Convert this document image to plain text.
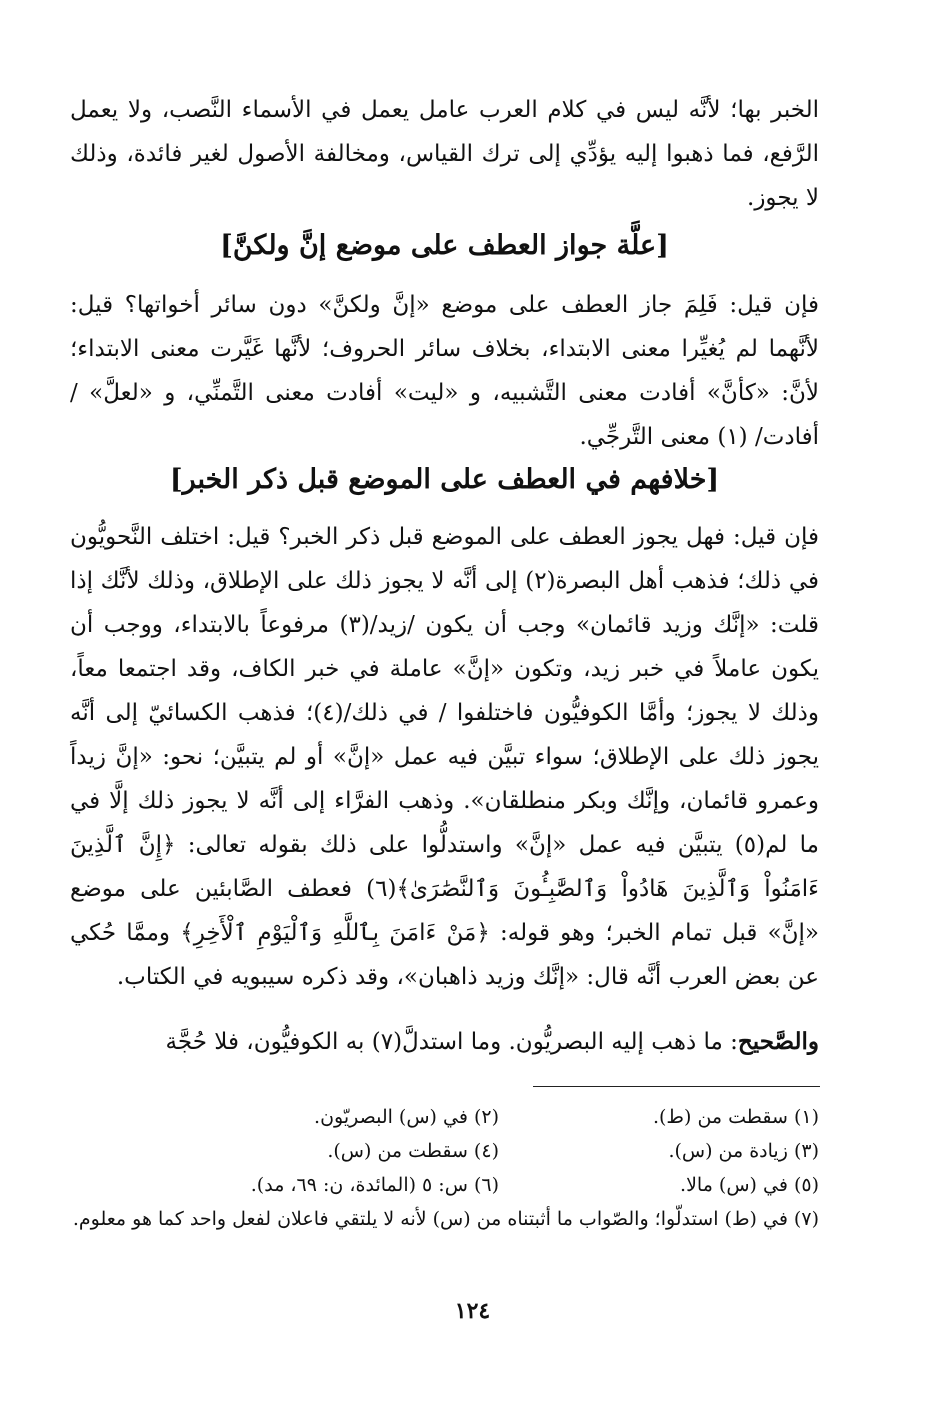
الخبر بها؛ لأنَّه ليس في كلام العرب عامل يعمل في الأسماء النَّصب، ولا يعمل الرَّفع، فما ذهبوا إليه يؤدِّي إلى ترك القياس، ومخالفة الأصول لغير فائدة، وذلك لا يجوز.
[علَّة جواز العطف على موضع إنَّ ولكنَّ]
فإن قيل: فَلِمَ جاز العطف على موضع «إنَّ ولكنَّ» دون سائر أخواتها؟ قيل: لأنَّهما لم يُغيِّرا معنى الابتداء، بخلاف سائر الحروف؛ لأنَّها غَيَّرت معنى الابتداء؛ لأنَّ: «كأنَّ» أفادت معنى التَّشبيه، و «ليت» أفادت معنى التَّمنِّي، و «لعلَّ» / أفادت/ (١) معنى التَّرجِّي.
[خلافهم في العطف على الموضع قبل ذكر الخبر]
فإن قيل: فهل يجوز العطف على الموضع قبل ذكر الخبر؟ قيل: اختلف النَّحويُّون في ذلك؛ فذهب أهل البصرة(٢) إلى أنَّه لا يجوز ذلك على الإطلاق، وذلك لأنَّك إذا قلت: «إنَّك وزيد قائمان» وجب أن يكون /زيد/(٣) مرفوعاً بالابتداء، ووجب أن يكون عاملاً في خبر زيد، وتكون «إنَّ» عاملة في خبر الكاف، وقد اجتمعا معاً، وذلك لا يجوز؛ وأمَّا الكوفيُّون فاختلفوا / في ذلك/(٤)؛ فذهب الكسائيّ إلى أنَّه يجوز ذلك على الإطلاق؛ سواء تبيَّن فيه عمل «إنَّ» أو لم يتبيَّن؛ نحو: «إنَّ زيداً وعمرو قائمان، وإنَّك وبكر منطلقان». وذهب الفرَّاء إلى أنَّه لا يجوز ذلك إلَّا في ما لم(٥) يتبيَّن فيه عمل «إنَّ» واستدلُّوا على ذلك بقوله تعالى: ﴿إِنَّ ٱلَّذِينَ ءَامَنُواْ وَٱلَّذِينَ هَادُواْ وَٱلصَّٰبِـُٔونَ وَٱلنَّصَٰرَىٰ﴾(٦) فعطف الصَّابئين على موضع «إنَّ» قبل تمام الخبر؛ وهو قوله: ﴿مَنْ ءَامَنَ بِٱللَّهِ وَٱلْيَوْمِ ٱلْأَخِرِ﴾ وممَّا حُكي عن بعض العرب أنَّه قال: «إنَّك وزيد ذاهبان»، وقد ذكره سيبويه في الكتاب.
والصَّحيح: ما ذهب إليه البصريُّون. وما استدلَّ(٧) به الكوفيُّون، فلا حُجَّة
(١) سقطت من (ط).
(٢) في (س) البصريّون.
(٣) زيادة من (س).
(٤) سقطت من (س).
(٥) في (س) مالا.
(٦) س: ٥ (المائدة، ن: ٦٩، مد).
(٧) في (ط) استدلّوا؛ والصّواب ما أثبتناه من (س) لأنه لا يلتقي فاعلان لفعل واحد كما هو معلوم.
١٢٤
